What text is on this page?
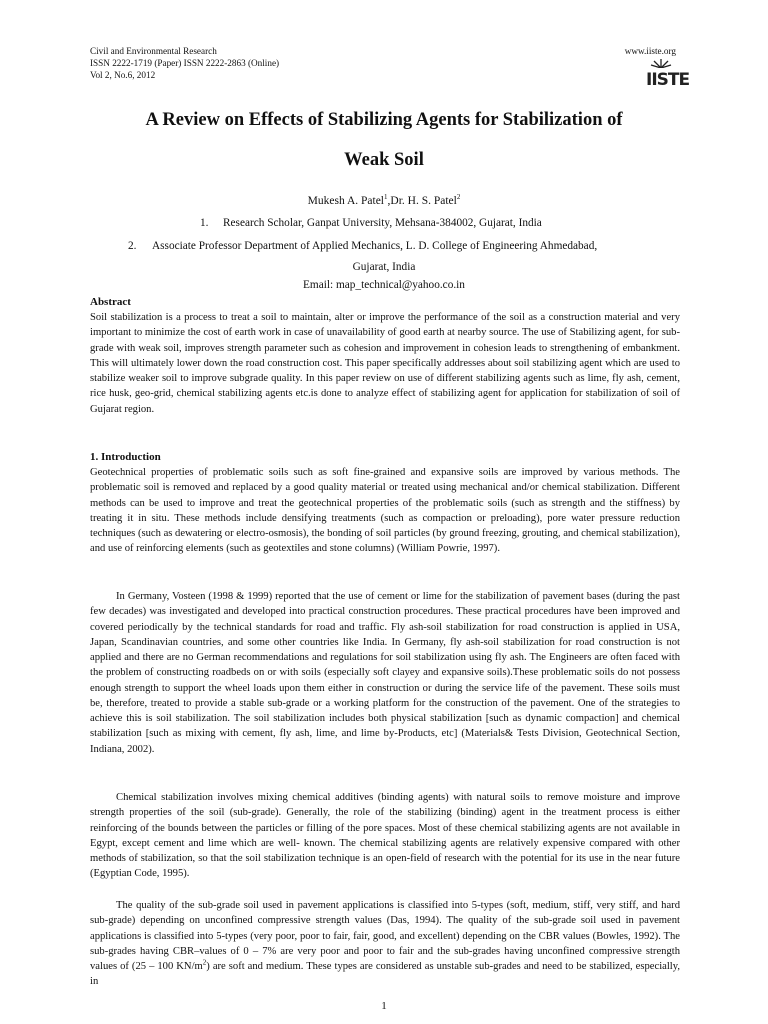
Civil and Environmental Research
ISSN 2222-1719 (Paper) ISSN 2222-2863 (Online)
Vol 2, No.6, 2012
www.iiste.org
IISTE
A Review on Effects of Stabilizing Agents for Stabilization of
Weak Soil
Mukesh A. Patel$^1$,Dr. H. S. Patel$^2$
1. Research Scholar, Ganpat University, Mehsana-384002, Gujarat, India
2. Associate Professor Department of Applied Mechanics, L. D. College of Engineering Ahmedabad,
Gujarat, India
Email: map_technical@yahoo.co.in
Abstract
Soil stabilization is a process to treat a soil to maintain, alter or improve the performance of the soil as a construction material and very important to minimize the cost of earth work in case of unavailability of good earth at nearby source. The use of Stabilizing agent, for sub-grade with weak soil, improves strength parameter such as cohesion and improvement in cohesion leads to strengthening of embankment. This will ultimately lower down the road construction cost. This paper specifically addresses about soil stabilizing agent which are used to stabilize weaker soil to improve subgrade quality. In this paper review on use of different stabilizing agents such as lime, fly ash, cement, rice husk, geo-grid, chemical stabilizing agents etc.is done to analyze effect of stabilizing agent for application for stabilization of soil of Gujarat region.
1. Introduction
Geotechnical properties of problematic soils such as soft fine-grained and expansive soils are improved by various methods. The problematic soil is removed and replaced by a good quality material or treated using mechanical and/or chemical stabilization. Different methods can be used to improve and treat the geotechnical properties of the problematic soils (such as strength and the stiffness) by treating it in situ. These methods include densifying treatments (such as compaction or preloading), pore water pressure reduction techniques (such as dewatering or electro-osmosis), the bonding of soil particles (by ground freezing, grouting, and chemical stabilization), and use of reinforcing elements (such as geotextiles and stone columns) (William Powrie, 1997).
In Germany, Vosteen (1998 & 1999) reported that the use of cement or lime for the stabilization of pavement bases (during the past few decades) was investigated and developed into practical construction procedures. These practical procedures have been improved and covered periodically by the technical standards for road and traffic. Fly ash-soil stabilization for road construction is applied in USA, Japan, Scandinavian countries, and some other countries like India. In Germany, fly ash-soil stabilization for road construction is not applied and there are no German recommendations and regulations for soil stabilization using fly ash. The Engineers are often faced with the problem of constructing roadbeds on or with soils (especially soft clayey and expansive soils).These problematic soils do not possess enough strength to support the wheel loads upon them either in construction or during the service life of the pavement. These soils must be, therefore, treated to provide a stable sub-grade or a working platform for the construction of the pavement. One of the strategies to achieve this is soil stabilization. The soil stabilization includes both physical stabilization [such as dynamic compaction] and chemical stabilization [such as mixing with cement, fly ash, lime, and lime by-Products, etc] (Materials& Tests Division, Geotechnical Section, Indiana, 2002).
Chemical stabilization involves mixing chemical additives (binding agents) with natural soils to remove moisture and improve strength properties of the soil (sub-grade). Generally, the role of the stabilizing (binding) agent in the treatment process is either reinforcing of the bounds between the particles or filling of the pore spaces. Most of these chemical stabilizing agents are not available in Egypt, except cement and lime which are well- known. The chemical stabilizing agents are relatively expensive compared with other methods of stabilization, so that the soil stabilization technique is an open-field of research with the potential for its use in the near future (Egyptian Code, 1995).
The quality of the sub-grade soil used in pavement applications is classified into 5-types (soft, medium, stiff, very stiff, and hard sub-grade) depending on unconfined compressive strength values (Das, 1994). The quality of the sub-grade soil used in pavement applications is classified into 5-types (very poor, poor to fair, fair, good, and excellent) depending on the CBR values (Bowles, 1992). The sub-grades having CBR–values of 0 – 7% are very poor and poor to fair and the sub-grades having unconfined compressive strength values of (25 – 100 $KN/m^2$) are soft and medium. These types are considered as unstable sub-grades and need to be stabilized, especially, in
1
